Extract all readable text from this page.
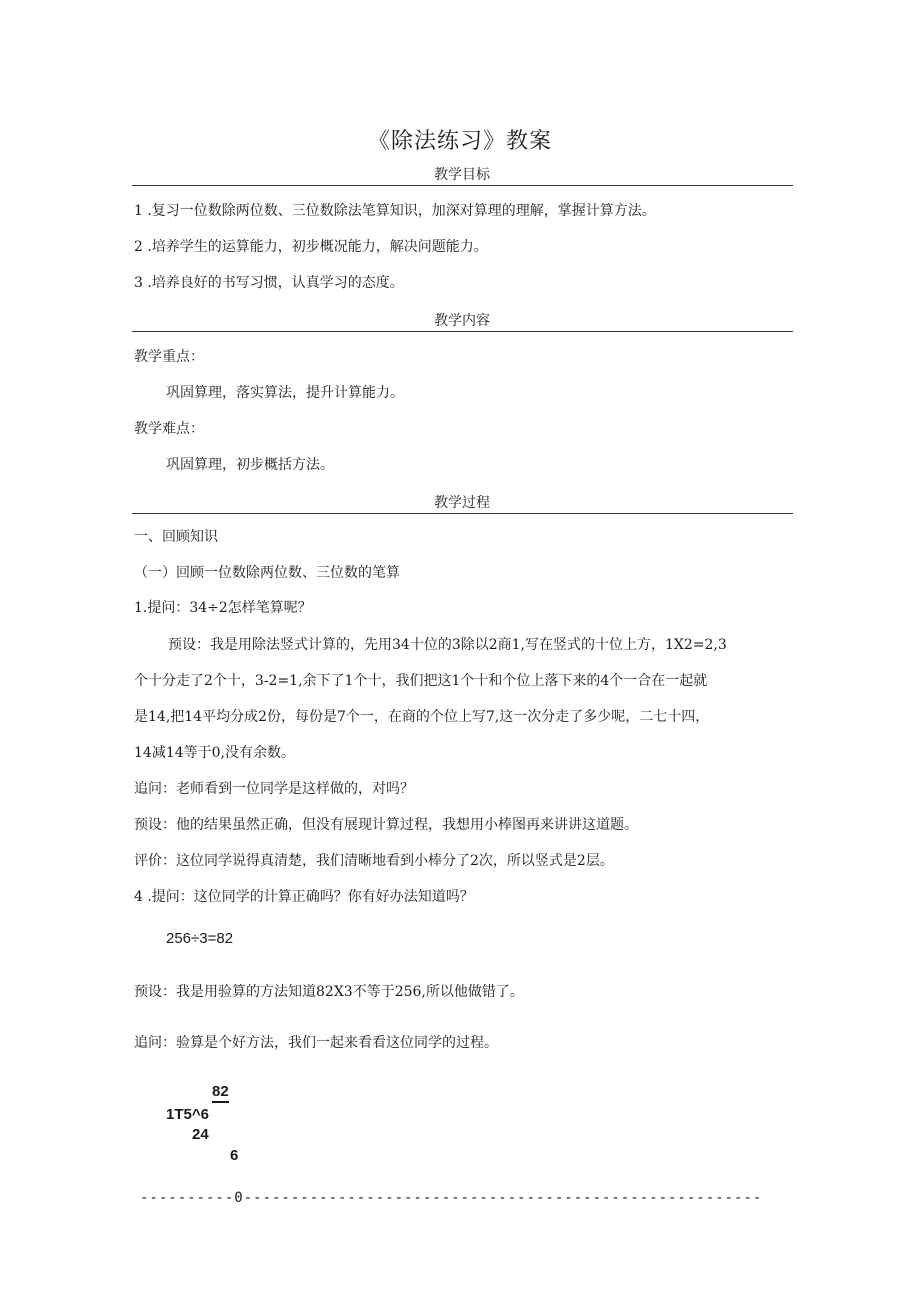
《除法练习》教案
教学目标
1 .复习一位数除两位数、三位数除法笔算知识，加深对算理的理解，掌握计算方法。
2 .培养学生的运算能力，初步概况能力，解决问题能力。
3 .培养良好的书写习惯，认真学习的态度。
教学内容
教学重点：
巩固算理，落实算法，提升计算能力。
教学难点：
巩固算理，初步概括方法。
教学过程
一、回顾知识
（一）回顾一位数除两位数、三位数的笔算
1.提问：34÷2怎样笔算呢？
预设：我是用除法竖式计算的，先用34十位的3除以2商1,写在竖式的十位上方，1X2=2,3
个十分走了2个十，3-2=1,余下了1个十，我们把这1个十和个位上落下来的4个一合在一起就
是14,把14平均分成2份，每份是7个一，在商的个位上写7,这一次分走了多少呢，二七十四，
14减14等于0,没有余数。
追问：老师看到一位同学是这样做的，对吗？
预设：他的结果虽然正确，但没有展现计算过程，我想用小棒图再来讲讲这道题。
评价：这位同学说得真清楚，我们清晰地看到小棒分了2次，所以竖式是2层。
4 .提问：这位同学的计算正确吗？你有好办法知道吗？
256÷3=82
预设：我是用验算的方法知道82X3不等于256,所以他做错了。
追问：验算是个好方法，我们一起来看看这位同学的过程。
82
1T5^6
24
6
----------0-------------------------------------------------------
